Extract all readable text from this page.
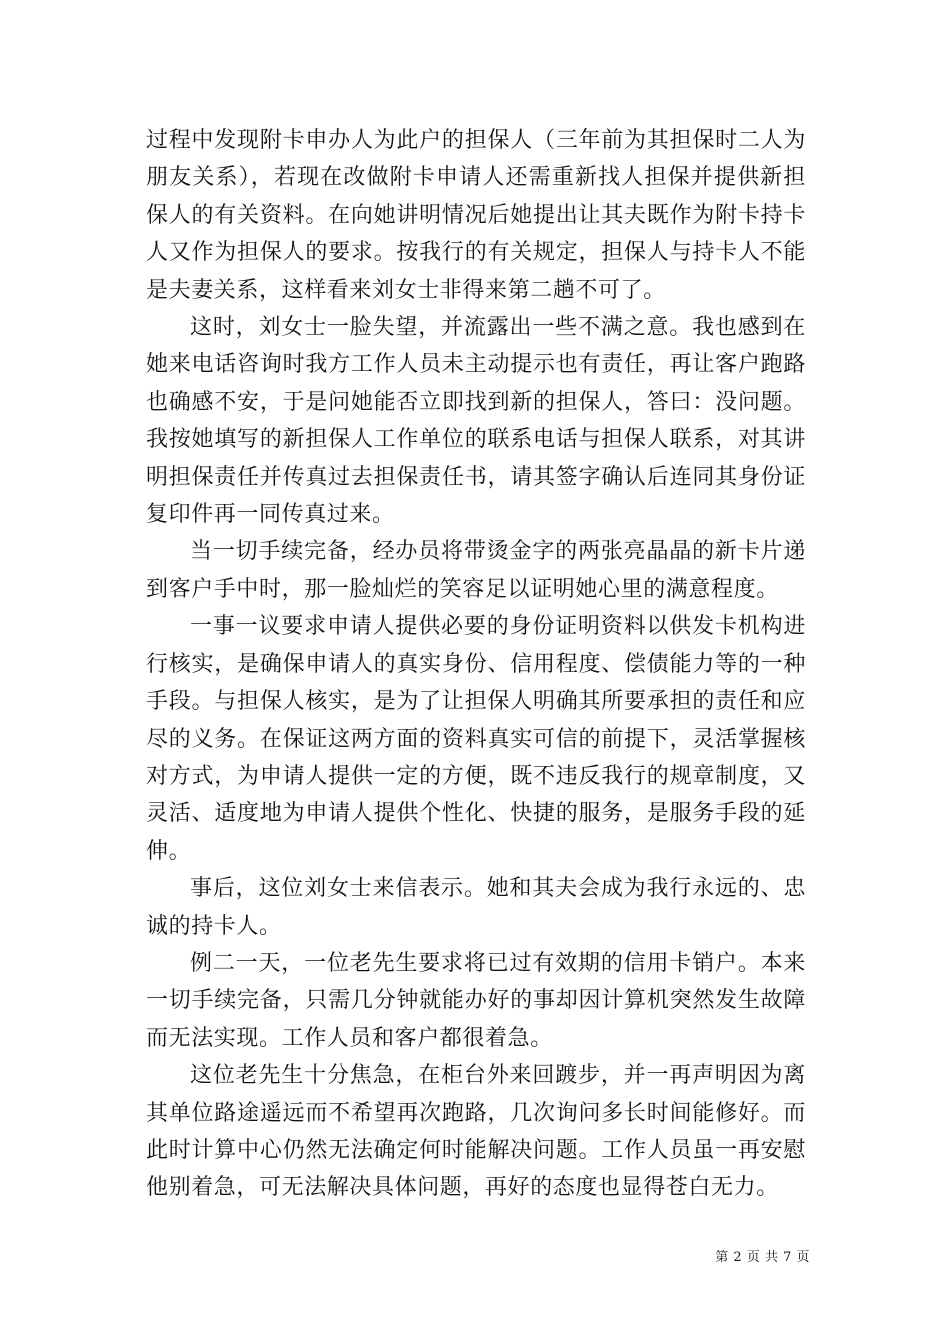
过程中发现附卡申办人为此户的担保人（三年前为其担保时二人为朋友关系），若现在改做附卡申请人还需重新找人担保并提供新担保人的有关资料。在向她讲明情况后她提出让其夫既作为附卡持卡人又作为担保人的要求。按我行的有关规定，担保人与持卡人不能是夫妻关系，这样看来刘女士非得来第二趟不可了。

这时，刘女士一脸失望，并流露出一些不满之意。我也感到在她来电话咨询时我方工作人员未主动提示也有责任，再让客户跑路也确感不安，于是问她能否立即找到新的担保人，答曰：没问题。我按她填写的新担保人工作单位的联系电话与担保人联系，对其讲明担保责任并传真过去担保责任书，请其签字确认后连同其身份证复印件再一同传真过来。

当一切手续完备，经办员将带烫金字的两张亮晶晶的新卡片递到客户手中时，那一脸灿烂的笑容足以证明她心里的满意程度。

一事一议要求申请人提供必要的身份证明资料以供发卡机构进行核实，是确保申请人的真实身份、信用程度、偿债能力等的一种手段。与担保人核实，是为了让担保人明确其所要承担的责任和应尽的义务。在保证这两方面的资料真实可信的前提下，灵活掌握核对方式，为申请人提供一定的方便，既不违反我行的规章制度，又灵活、适度地为申请人提供个性化、快捷的服务，是服务手段的延伸。

事后，这位刘女士来信表示。她和其夫会成为我行永远的、忠诚的持卡人。

例二一天，一位老先生要求将已过有效期的信用卡销户。本来一切手续完备，只需几分钟就能办好的事却因计算机突然发生故障而无法实现。工作人员和客户都很着急。

这位老先生十分焦急，在柜台外来回踱步，并一再声明因为离其单位路途遥远而不希望再次跑路，几次询问多长时间能修好。而此时计算中心仍然无法确定何时能解决问题。工作人员虽一再安慰他别着急，可无法解决具体问题，再好的态度也显得苍白无力。

第 2 页 共 7 页
